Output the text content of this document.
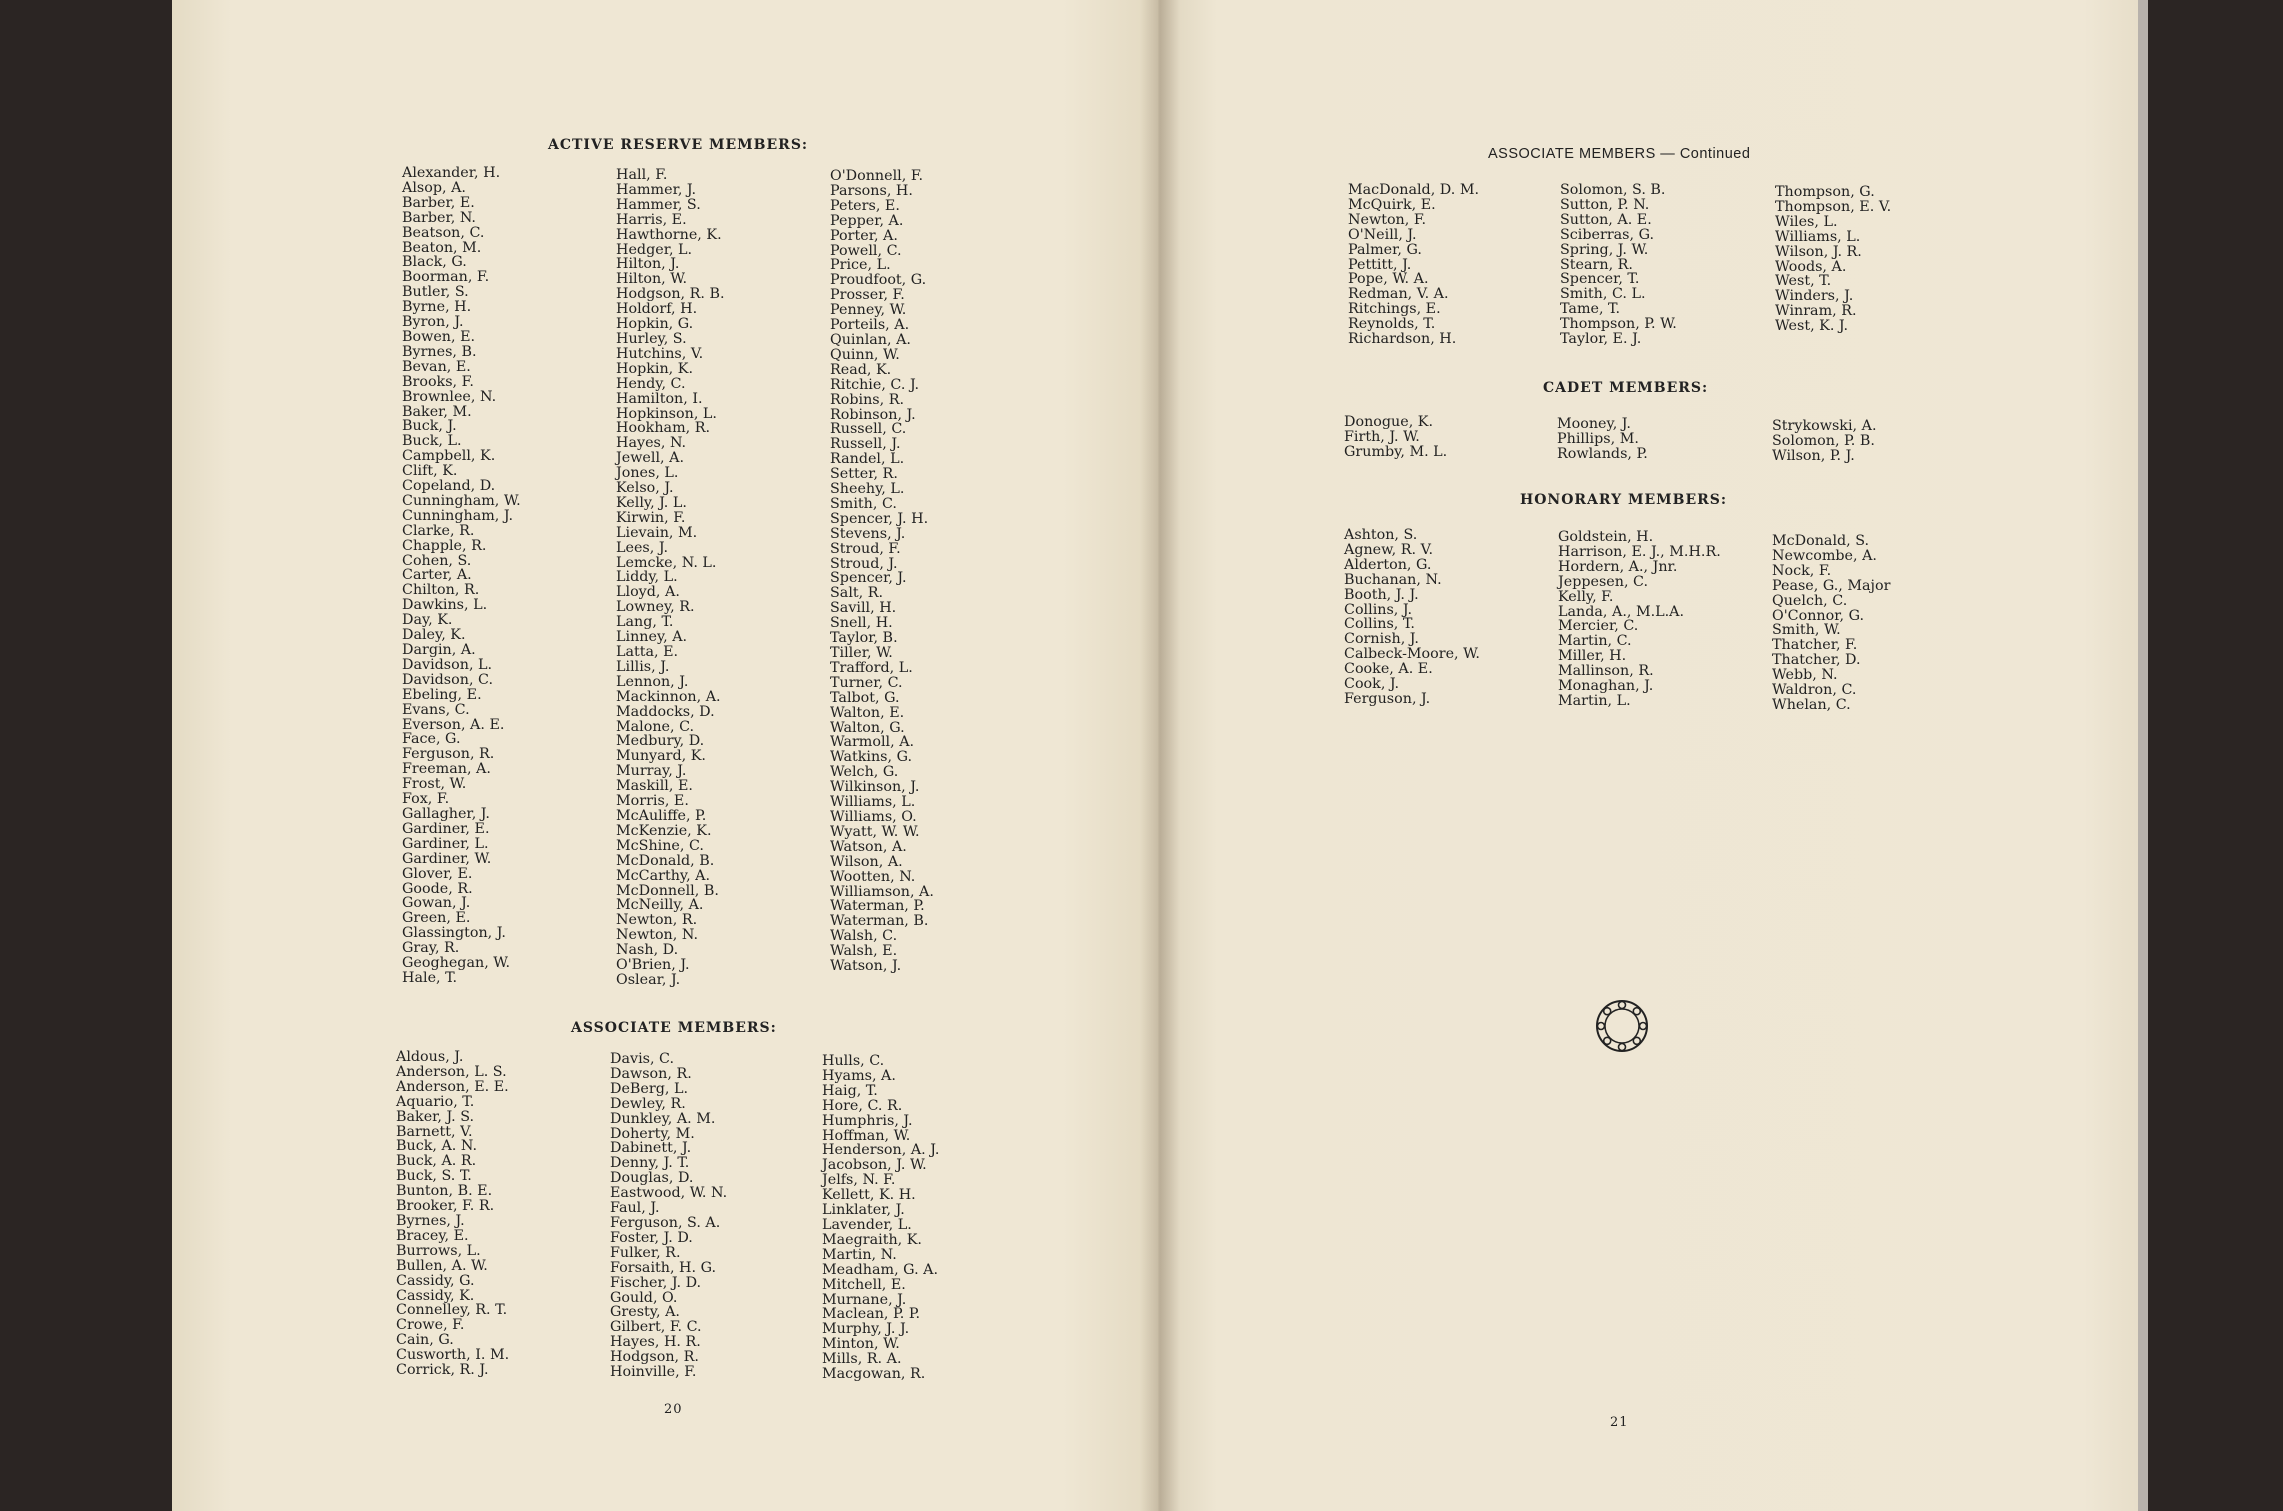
ACTIVE RESERVE MEMBERS:
Alexander, H.
Alsop, A.
Barber, E.
Barber, N.
Beatson, C.
Beaton, M.
Black, G.
Boorman, F.
Butler, S.
Byrne, H.
Byron, J.
Bowen, E.
Byrnes, B.
Bevan, E.
Brooks, F.
Brownlee, N.
Baker, M.
Buck, J.
Buck, L.
Campbell, K.
Clift, K.
Copeland, D.
Cunningham, W.
Cunningham, J.
Clarke, R.
Chapple, R.
Cohen, S.
Carter, A.
Chilton, R.
Dawkins, L.
Day, K.
Daley, K.
Dargin, A.
Davidson, L.
Davidson, C.
Ebeling, E.
Evans, C.
Everson, A. E.
Face, G.
Ferguson, R.
Freeman, A.
Frost, W.
Fox, F.
Gallagher, J.
Gardiner, E.
Gardiner, L.
Gardiner, W.
Glover, E.
Goode, R.
Gowan, J.
Green, E.
Glassington, J.
Gray, R.
Geoghegan, W.
Hale, T.
Hall, F.
Hammer, J.
Hammer, S.
Harris, E.
Hawthorne, K.
Hedger, L.
Hilton, J.
Hilton, W.
Hodgson, R. B.
Holdorf, H.
Hopkin, G.
Hurley, S.
Hutchins, V.
Hopkin, K.
Hendy, C.
Hamilton, I.
Hopkinson, L.
Hookham, R.
Hayes, N.
Jewell, A.
Jones, L.
Kelso, J.
Kelly, J. L.
Kirwin, F.
Lievain, M.
Lees, J.
Lemcke, N. L.
Liddy, L.
Lloyd, A.
Lowney, R.
Lang, T.
Linney, A.
Latta, E.
Lillis, J.
Lennon, J.
Mackinnon, A.
Maddocks, D.
Malone, C.
Medbury, D.
Munyard, K.
Murray, J.
Maskill, E.
Morris, E.
McAuliffe, P.
McKenzie, K.
McShine, C.
McDonald, B.
McCarthy, A.
McDonnell, B.
McNeilly, A.
Newton, R.
Newton, N.
Nash, D.
O'Brien, J.
Oslear, J.
O'Donnell, F.
Parsons, H.
Peters, E.
Pepper, A.
Porter, A.
Powell, C.
Price, L.
Proudfoot, G.
Prosser, F.
Penney, W.
Porteils, A.
Quinlan, A.
Quinn, W.
Read, K.
Ritchie, C. J.
Robins, R.
Robinson, J.
Russell, C.
Russell, J.
Randel, L.
Setter, R.
Sheehy, L.
Smith, C.
Spencer, J. H.
Stevens, J.
Stroud, F.
Stroud, J.
Spencer, J.
Salt, R.
Savill, H.
Snell, H.
Taylor, B.
Tiller, W.
Trafford, L.
Turner, C.
Talbot, G.
Walton, E.
Walton, G.
Warmoll, A.
Watkins, G.
Welch, G.
Wilkinson, J.
Williams, L.
Williams, O.
Wyatt, W. W.
Watson, A.
Wilson, A.
Wootten, N.
Williamson, A.
Waterman, P.
Waterman, B.
Walsh, C.
Walsh, E.
Watson, J.
ASSOCIATE MEMBERS:
Aldous, J.
Anderson, L. S.
Anderson, E. E.
Aquario, T.
Baker, J. S.
Barnett, V.
Buck, A. N.
Buck, A. R.
Buck, S. T.
Bunton, B. E.
Brooker, F. R.
Byrnes, J.
Bracey, E.
Burrows, L.
Bullen, A. W.
Cassidy, G.
Cassidy, K.
Connelley, R. T.
Crowe, F.
Cain, G.
Cusworth, I. M.
Corrick, R. J.
Davis, C.
Dawson, R.
DeBerg, L.
Dewley, R.
Dunkley, A. M.
Doherty, M.
Dabinett, J.
Denny, J. T.
Douglas, D.
Eastwood, W. N.
Faul, J.
Ferguson, S. A.
Foster, J. D.
Fulker, R.
Forsaith, H. G.
Fischer, J. D.
Gould, O.
Gresty, A.
Gilbert, F. C.
Hayes, H. R.
Hodgson, R.
Hoinville, F.
Hulls, C.
Hyams, A.
Haig, T.
Hore, C. R.
Humphris, J.
Hoffman, W.
Henderson, A. J.
Jacobson, J. W.
Jelfs, N. F.
Kellett, K. H.
Linklater, J.
Lavender, L.
Maegraith, K.
Martin, N.
Meadham, G. A.
Mitchell, E.
Murnane, J.
Maclean, P. P.
Murphy, J. J.
Minton, W.
Mills, R. A.
Macgowan, R.
20
ASSOCIATE MEMBERS — Continued
MacDonald, D. M.
McQuirk, E.
Newton, F.
O'Neill, J.
Palmer, G.
Pettitt, J.
Pope, W. A.
Redman, V. A.
Ritchings, E.
Reynolds, T.
Richardson, H.
Solomon, S. B.
Sutton, P. N.
Sutton, A. E.
Sciberras, G.
Spring, J. W.
Stearn, R.
Spencer, T.
Smith, C. L.
Tame, T.
Thompson, P. W.
Taylor, E. J.
Thompson, G.
Thompson, E. V.
Wiles, L.
Williams, L.
Wilson, J. R.
Woods, A.
West, T.
Winders, J.
Winram, R.
West, K. J.
CADET MEMBERS:
Donogue, K.
Firth, J. W.
Grumby, M. L.
Mooney, J.
Phillips, M.
Rowlands, P.
Strykowski, A.
Solomon, P. B.
Wilson, P. J.
HONORARY MEMBERS:
Ashton, S.
Agnew, R. V.
Alderton, G.
Buchanan, N.
Booth, J. J.
Collins, J.
Collins, T.
Cornish, J.
Calbeck-Moore, W.
Cooke, A. E.
Cook, J.
Ferguson, J.
Goldstein, H.
Harrison, E. J., M.H.R.
Hordern, A., Jnr.
Jeppesen, C.
Kelly, F.
Landa, A., M.L.A.
Mercier, C.
Martin, C.
Miller, H.
Mallinson, R.
Monaghan, J.
Martin, L.
McDonald, S.
Newcombe, A.
Nock, F.
Pease, G., Major
Quelch, C.
O'Connor, G.
Smith, W.
Thatcher, F.
Thatcher, D.
Webb, N.
Waldron, C.
Whelan, C.
21
